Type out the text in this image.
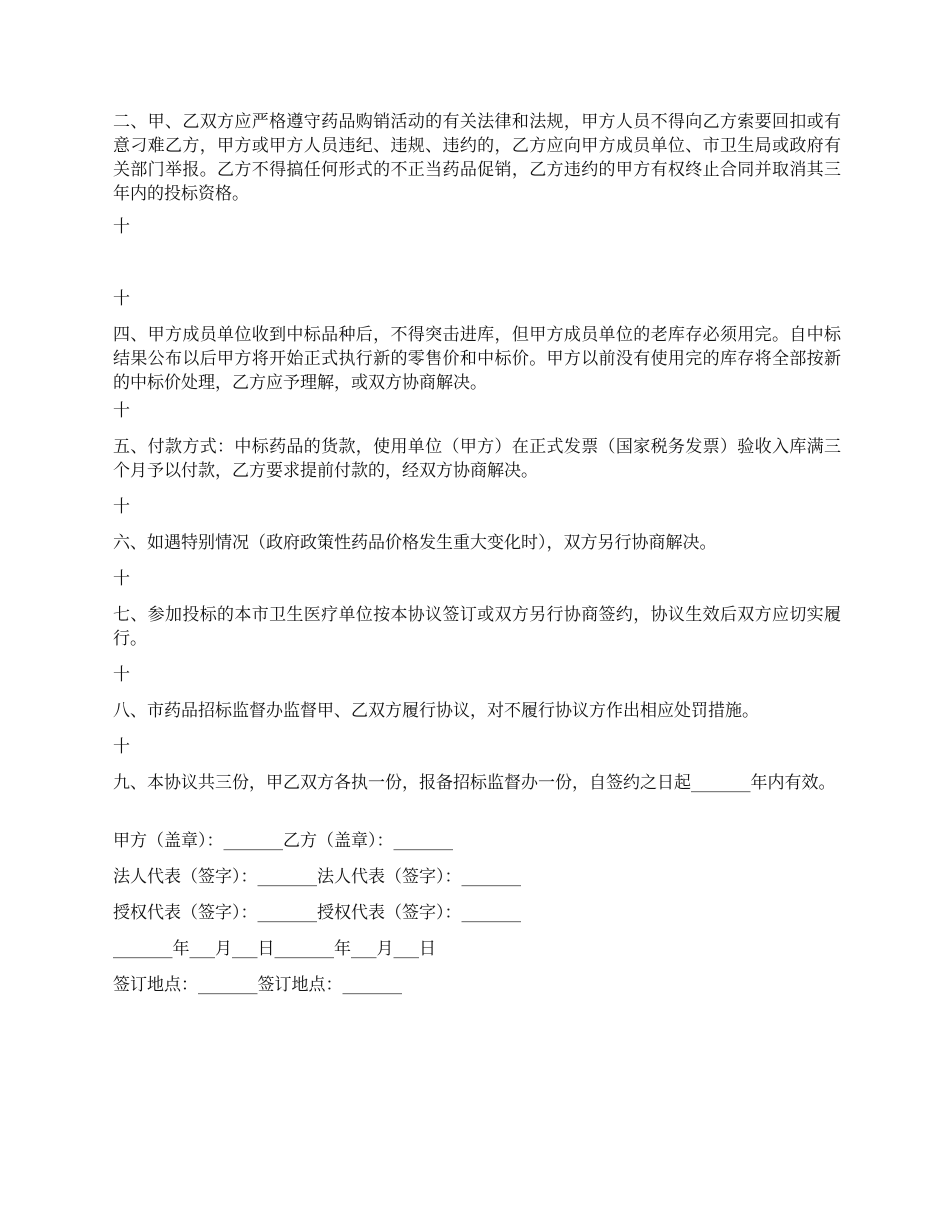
二、甲、乙双方应严格遵守药品购销活动的有关法律和法规，甲方人员不得向乙方索要回扣或有意刁难乙方，甲方或甲方人员违纪、违规、违约的，乙方应向甲方成员单位、市卫生局或政府有关部门举报。乙方不得搞任何形式的不正当药品促销，乙方违约的甲方有权终止合同并取消其三年内的投标资格。

十

十

四、甲方成员单位收到中标品种后，不得突击进库，但甲方成员单位的老库存必须用完。自中标结果公布以后甲方将开始正式执行新的零售价和中标价。甲方以前没有使用完的库存将全部按新的中标价处理，乙方应予理解，或双方协商解决。

十

五、付款方式：中标药品的货款，使用单位（甲方）在正式发票（国家税务发票）验收入库满三个月予以付款，乙方要求提前付款的，经双方协商解决。

十

六、如遇特别情况（政府政策性药品价格发生重大变化时），双方另行协商解决。

十

七、参加投标的本市卫生医疗单位按本协议签订或双方另行协商签约，协议生效后双方应切实履行。

十

八、市药品招标监督办监督甲、乙双方履行协议，对不履行协议方作出相应处罚措施。

十

九、本协议共三份，甲乙双方各执一份，报备招标监督办一份，自签约之日起_______年内有效。

甲方（盖章）：_______乙方（盖章）：_______

法人代表（签字）：_______法人代表（签字）：_______

授权代表（签字）：_______授权代表（签字）：_______

_______年___月___日_______年___月___日

签订地点：_______签订地点：_______
